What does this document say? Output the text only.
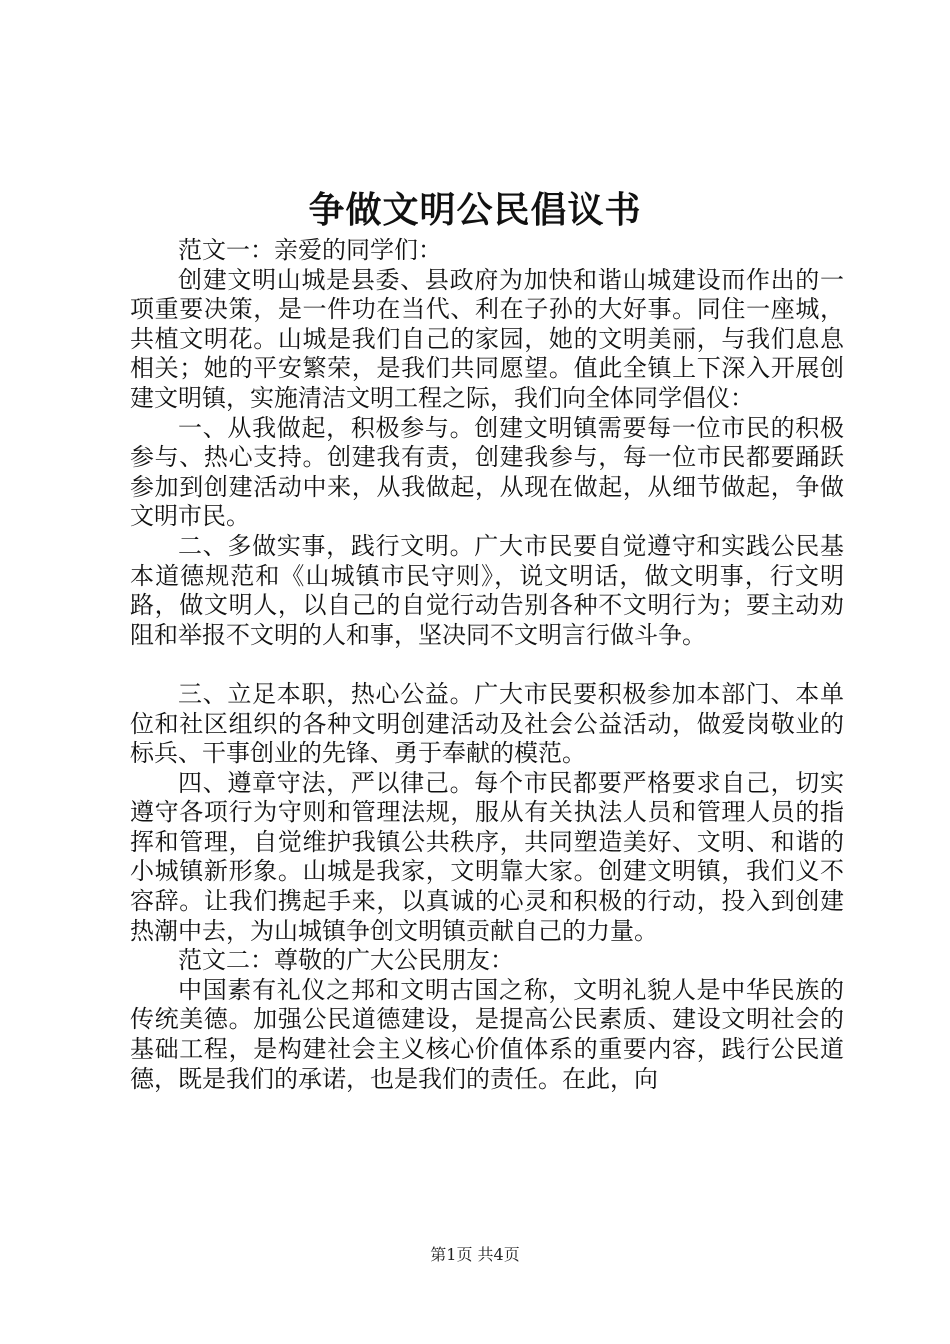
争做文明公民倡议书

范文一：亲爱的同学们：

创建文明山城是县委、县政府为加快和谐山城建设而作出的一项重要决策，是一件功在当代、利在子孙的大好事。同住一座城，共植文明花。山城是我们自己的家园，她的文明美丽，与我们息息相关；她的平安繁荣，是我们共同愿望。值此全镇上下深入开展创建文明镇，实施清洁文明工程之际，我们向全体同学倡仪：

一、从我做起，积极参与。创建文明镇需要每一位市民的积极参与、热心支持。创建我有责，创建我参与，每一位市民都要踊跃参加到创建活动中来，从我做起，从现在做起，从细节做起，争做文明市民。

二、多做实事，践行文明。广大市民要自觉遵守和实践公民基本道德规范和《山城镇市民守则》，说文明话，做文明事，行文明路，做文明人，以自己的自觉行动告别各种不文明行为；要主动劝阻和举报不文明的人和事，坚决同不文明言行做斗争。

三、立足本职，热心公益。广大市民要积极参加本部门、本单位和社区组织的各种文明创建活动及社会公益活动，做爱岗敬业的标兵、干事创业的先锋、勇于奉献的模范。

四、遵章守法，严以律己。每个市民都要严格要求自己，切实遵守各项行为守则和管理法规，服从有关执法人员和管理人员的指挥和管理，自觉维护我镇公共秩序，共同塑造美好、文明、和谐的小城镇新形象。山城是我家，文明靠大家。创建文明镇，我们义不容辞。让我们携起手来，以真诚的心灵和积极的行动，投入到创建热潮中去，为山城镇争创文明镇贡献自己的力量。

范文二：尊敬的广大公民朋友：

中国素有礼仪之邦和文明古国之称，文明礼貌人是中华民族的传统美德。加强公民道德建设，是提高公民素质、建设文明社会的基础工程，是构建社会主义核心价值体系的重要内容，践行公民道德，既是我们的承诺，也是我们的责任。在此，向

第1页 共4页
